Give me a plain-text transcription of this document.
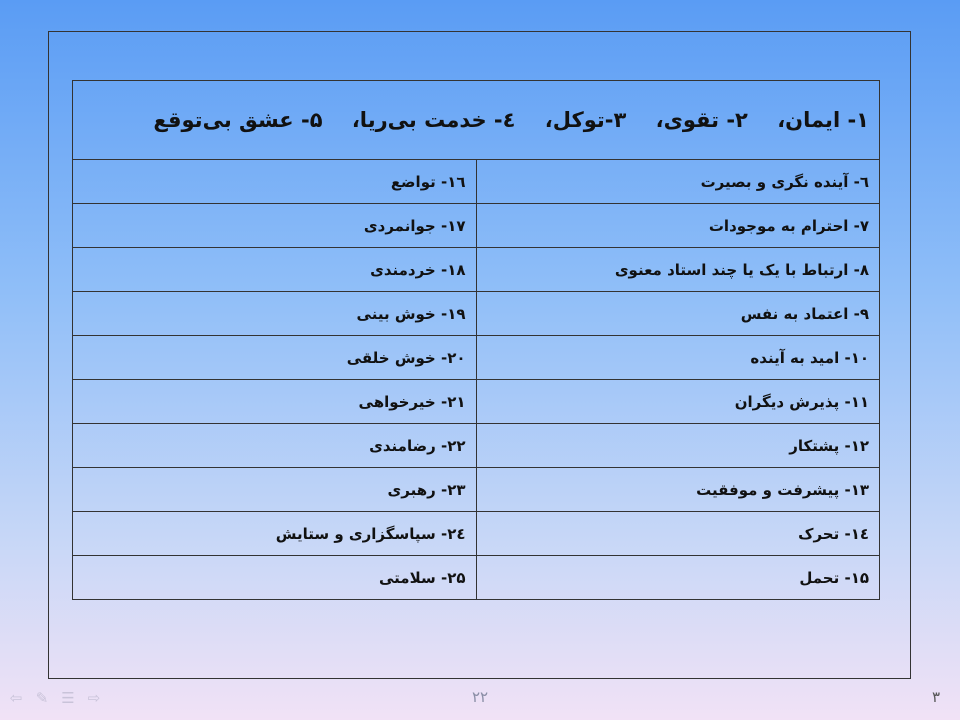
۱- ایمان، ۲- تقوی، ۳-توکل، ٤- خدمت بی‌ریا، ۵- عشق بی‌توقع	
٦- آینده نگری و بصیرت	۱٦- تواضع
۷- احترام به موجودات	۱۷- جوانمردی
۸- ارتباط با یک یا چند استاد معنوی	۱۸- خردمندی
۹- اعتماد به نفس	۱۹- خوش بینی
۱۰- امید به آینده	۲۰- خوش خلقی
۱۱- پذیرش دیگران	۲۱- خیرخواهی
۱۲- پشتکار	۲۲- رضامندی
۱۳- پیشرفت و موفقیت	۲۳- رهبری
۱٤- تحرک	۲٤- سپاسگزاری و ستایش
۱۵- تحمل	۲۵- سلامتی
۲۲	۳
⇦ ✎ ☰ ⇨
